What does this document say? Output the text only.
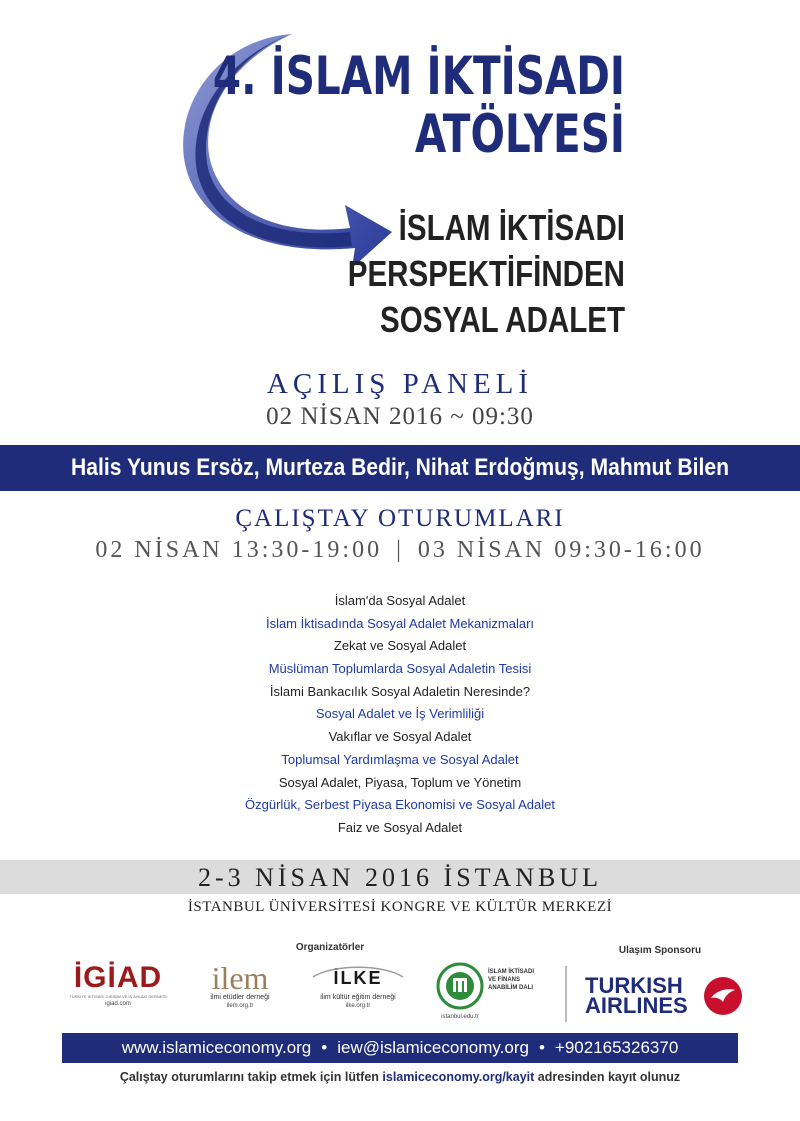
4. İSLAM İKTİSADI
ATÖLYESİ
İSLAM İKTİSADI
PERSPEKTİFİNDEN
SOSYAL ADALET
AÇILIŞ PANELİ
02 NİSAN 2016 ~ 09:30
Halis Yunus Ersöz, Murteza Bedir, Nihat Erdoğmuş, Mahmut Bilen
ÇALIŞTAY OTURUMLARI
02 NİSAN 13:30-19:00 | 03 NİSAN 09:30-16:00
İslam'da Sosyal Adalet
İslam İktisadında Sosyal Adalet Mekanizmaları
Zekat ve Sosyal Adalet
Müslüman Toplumlarda Sosyal Adaletin Tesisi
İslami Bankacılık Sosyal Adaletin Neresinde?
Sosyal Adalet ve İş Verimliliği
Vakıflar ve Sosyal Adalet
Toplumsal Yardımlaşma ve Sosyal Adalet
Sosyal Adalet, Piyasa, Toplum ve Yönetim
Özgürlük, Serbest Piyasa Ekonomisi ve Sosyal Adalet
Faiz ve Sosyal Adalet
2-3 NİSAN 2016 İSTANBUL
İSTANBUL ÜNİVERSİTESİ KONGRE VE KÜLTÜR MERKEZİ
Organizatörler	Ulaşım Sponsoru
İGİAD
TÜRKİYE İKTİSADİ GİRİŞİM VE İŞ AHLAKI DERNEĞİ
igiad.com
ilem
ilmi etüdler derneği
ilem.org.tr
İLKE
ilim kültür eğitim derneği
ilke.org.tr
İSLAM İKTİSADI
VE FİNANS
ANABİLİM DALI
istanbul.edu.tr
TURKISH
AIRLINES
www.islamiceconomy.org • iew@islamiceconomy.org • +902165326370
Çalıştay oturumlarını takip etmek için lütfen islamiceconomy.org/kayit adresinden kayıt olunuz
